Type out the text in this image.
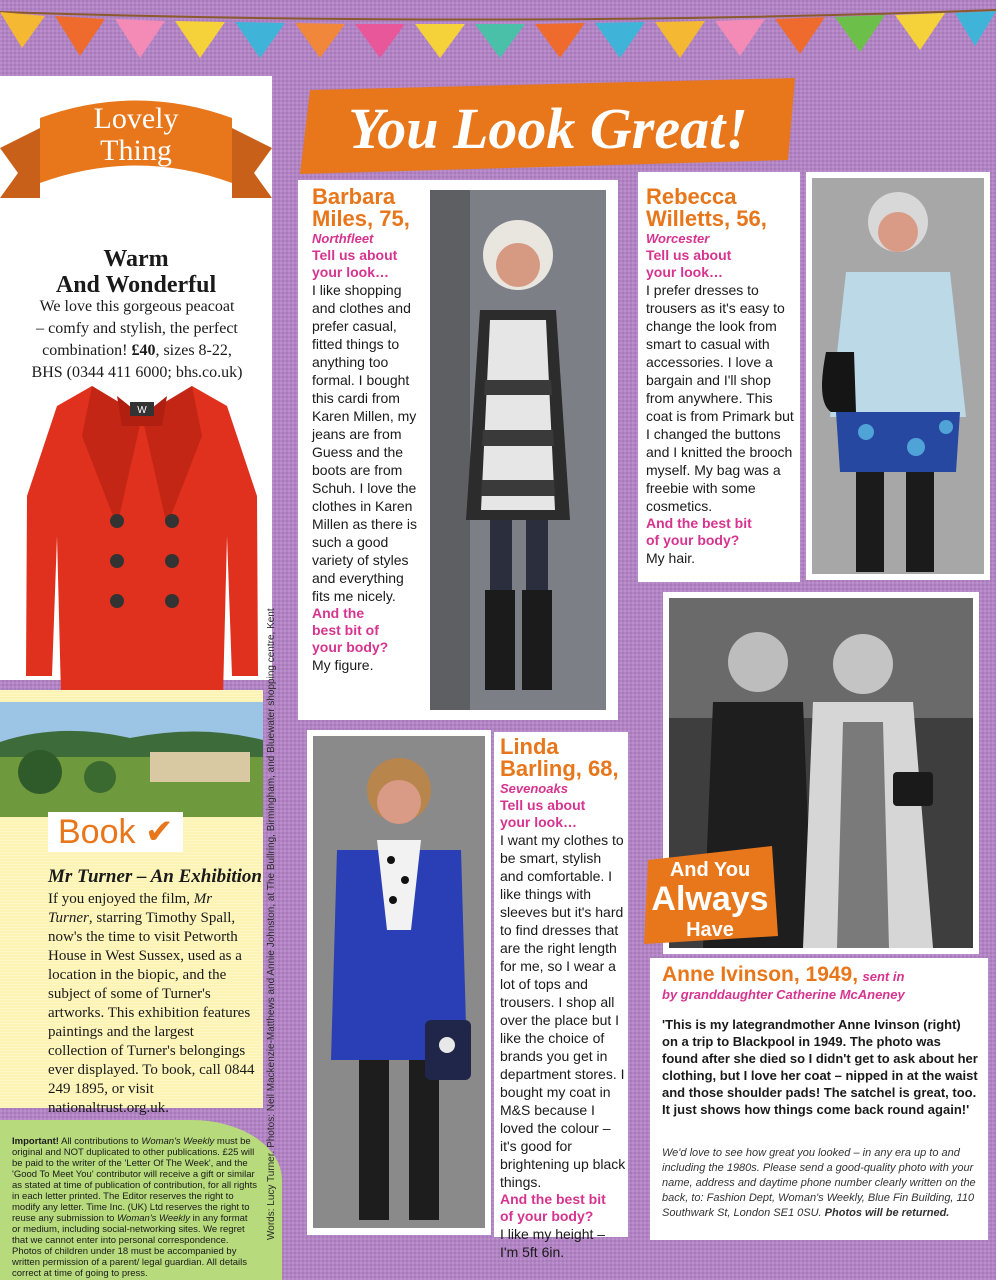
Lovely
Thing
Warm
And Wonderful
We love this gorgeous peacoat
– comfy and stylish, the perfect
combination! £40, sizes 8-22,
BHS (0344 411 6000; bhs.co.uk)
W
Book ✔
Mr Turner – An Exhibition
If you enjoyed the film, Mr Turner, starring Timothy Spall, now's the time to visit Petworth House in West Sussex, used as a location in the biopic, and the subject of some of Turner's artworks. This exhibition features paintings and the largest collection of Turner's belongings ever displayed. To book, call 0844 249 1895, or visit nationaltrust.org.uk.
Important! All contributions to Woman's Weekly must be original and NOT duplicated to other publications. £25 will be paid to the writer of the 'Letter Of The Week', and the 'Good To Meet You' contributor will receive a gift or similar as stated at time of publication of contribution, for all rights in each letter printed. The Editor reserves the right to modify any letter. Time Inc. (UK) Ltd reserves the right to reuse any submission to Woman's Weekly in any format or medium, including social-networking sites. We regret that we cannot enter into personal correspondence. Photos of children under 18 must be accompanied by written permission of a parent/ legal guardian. All details correct at time of going to press.
Words: Lucy Turner. Photos: Neil Mackenzie-Matthews and Annie Johnston, at The Bullring, Birmingham, and Bluewater shopping centre, Kent
You Look Great!
Barbara
Miles, 75,
Northfleet
Tell us about
your look…
I like shopping and clothes and prefer casual, fitted things to anything too formal. I bought this cardi from Karen Millen, my jeans are from Guess and the boots are from Schuh. I love the clothes in Karen Millen as there is such a good variety of styles and everything fits me nicely.
And the
best bit of
your body?
My figure.
Rebecca
Willetts, 56,
Worcester
Tell us about
your look…
I prefer dresses to trousers as it's easy to change the look from smart to casual with accessories. I love a bargain and I'll shop from anywhere. This coat is from Primark but I changed the buttons and I knitted the brooch myself. My bag was a freebie with some cosmetics.
And the best bit
of your body?
My hair.
Linda
Barling, 68,
Sevenoaks
Tell us about
your look…
I want my clothes to be smart, stylish and comfortable. I like things with sleeves but it's hard to find dresses that are the right length for me, so I wear a lot of tops and trousers. I shop all over the place but I like the choice of brands you get in department stores. I bought my coat in M&S because I loved the colour – it's good for brightening up black things.
And the best bit
of your body?
I like my height – I'm 5ft 6in.
And You
Always
Have
Anne Ivinson, 1949, sent in
by granddaughter Catherine McAneney
'This is my lategrandmother Anne Ivinson (right) on a trip to Blackpool in 1949. The photo was found after she died so I didn't get to ask about her clothing, but I love her coat – nipped in at the waist and those shoulder pads! The satchel is great, too. It just shows how things come back round again!'
We'd love to see how great you looked – in any era up to and including the 1980s. Please send a good-quality photo with your name, address and daytime phone number clearly written on the back, to: Fashion Dept, Woman's Weekly, Blue Fin Building, 110 Southwark St, London SE1 0SU. Photos will be returned.
